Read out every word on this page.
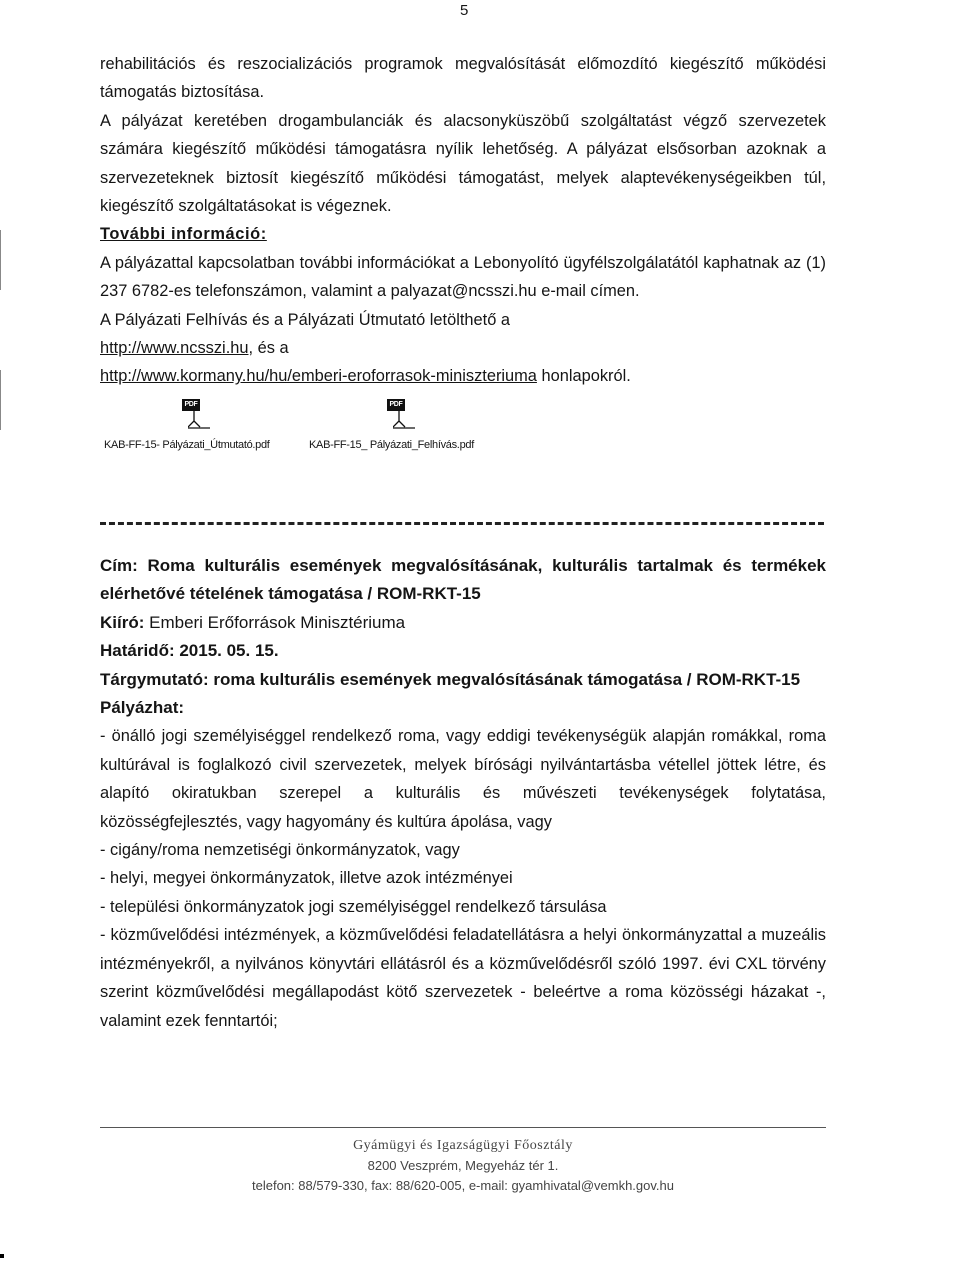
5

rehabilitációs és reszocializációs programok megvalósítását előmozdító kiegészítő működési támogatás biztosítása.

A pályázat keretében drogambulanciák és alacsonyküszöbű szolgáltatást végző szervezetek számára kiegészítő működési támogatásra nyílik lehetőség. A pályázat elsősorban azoknak a szervezeteknek biztosít kiegészítő működési támogatást, melyek alaptevékenységeikben túl, kiegészítő szolgáltatásokat is végeznek.

További információ:

A pályázattal kapcsolatban további információkat a Lebonyolító ügyfélszolgálatától kaphatnak az (1) 237 6782-es telefonszámon, valamint a palyazat@ncsszi.hu e-mail címen.

A Pályázati Felhívás és a Pályázati Útmutató letölthető a
http://www.ncsszi.hu, és a
http://www.kormany.hu/hu/emberi-eroforrasok-miniszteriuma honlapokról.

PDF
KAB-FF-15- Pályázati_Útmutató.pdf
PDF
KAB-FF-15_ Pályázati_Felhívás.pdf

Cím: Roma kulturális események megvalósításának, kulturális tartalmak és termékek elérhetővé tételének támogatása / ROM-RKT-15

Kiíró: Emberi Erőforrások Minisztériuma

Határidő: 2015. 05. 15.

Tárgymutató: roma kulturális események megvalósításának támogatása / ROM-RKT-15

Pályázhat:

- önálló jogi személyiséggel rendelkező roma, vagy eddigi tevékenységük alapján romákkal, roma kultúrával is foglalkozó civil szervezetek, melyek bírósági nyilvántartásba vétellel jöttek létre, és alapító okiratukban szerepel a kulturális és művészeti tevékenységek folytatása, közösségfejlesztés, vagy hagyomány és kultúra ápolása, vagy

- cigány/roma nemzetiségi önkormányzatok, vagy

- helyi, megyei önkormányzatok, illetve azok intézményei

- települési önkormányzatok jogi személyiséggel rendelkező társulása

- közművelődési intézmények, a közművelődési feladatellátásra a helyi önkormányzattal a muzeális intézményekről, a nyilvános könyvtári ellátásról és a közművelődésről szóló 1997. évi CXL törvény szerint közművelődési megállapodást kötő szervezetek - beleértve a roma közösségi házakat -, valamint ezek fenntartói;

Gyámügyi és Igazságügyi Főosztály
8200 Veszprém, Megyeház tér 1.
telefon: 88/579-330, fax: 88/620-005, e-mail: gyamhivatal@vemkh.gov.hu
